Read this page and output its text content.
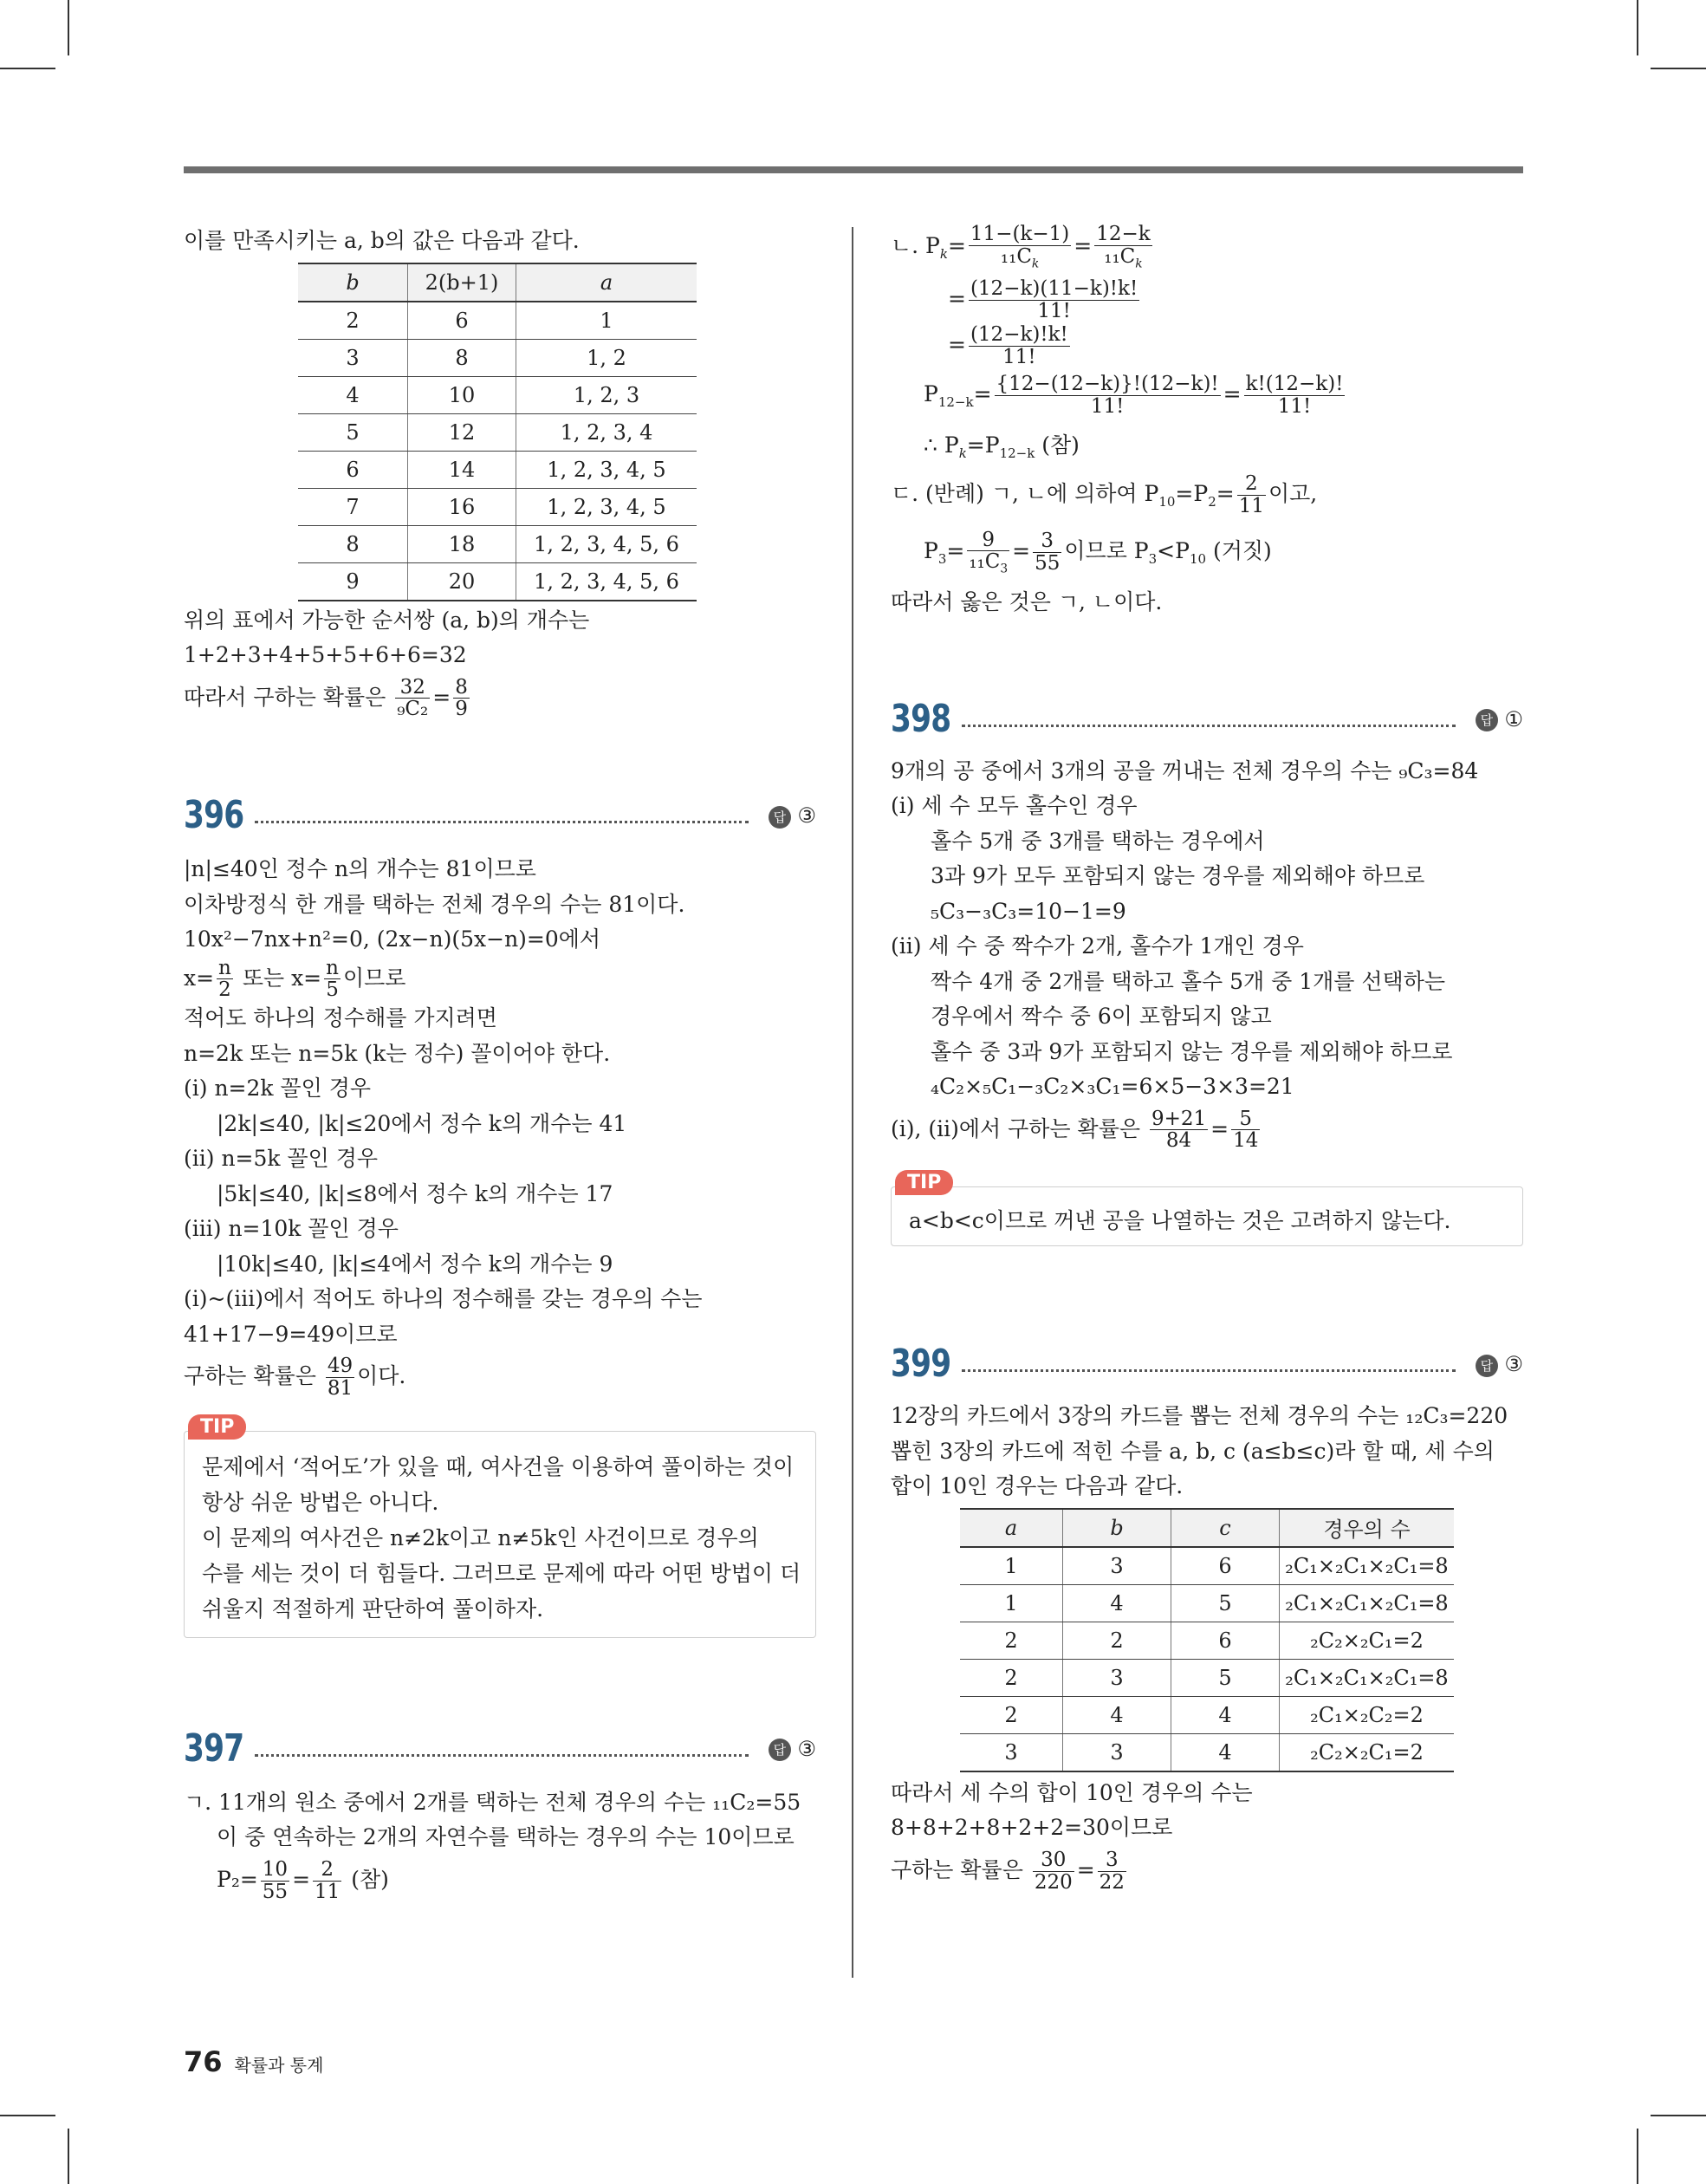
이를 만족시키는 a, b의 값은 다음과 같다.
b	2(b+1)	a
2	6	1
3	8	1, 2
4	10	1, 2, 3
5	12	1, 2, 3, 4
6	14	1, 2, 3, 4, 5
7	16	1, 2, 3, 4, 5
8	18	1, 2, 3, 4, 5, 6
9	20	1, 2, 3, 4, 5, 6
위의 표에서 가능한 순서쌍 (a, b)의 개수는
1+2+3+4+5+5+6+6=32
따라서 구하는 확률은 $\frac{32}{\text{₉C₂}} = \frac{8}{9}$
396	답 ③
|n|≤40인 정수 n의 개수는 81이므로
이차방정식 한 개를 택하는 전체 경우의 수는 81이다.
10x²−7nx+n²=0, (2x−n)(5x−n)=0에서
$x= \frac{n}{2}$ 또는 $x= \frac{n}{5}$ 이므로
적어도 하나의 정수해를 가지려면
n=2k 또는 n=5k (k는 정수) 꼴이어야 한다.
(i) n=2k 꼴인 경우
|2k|≤40, |k|≤20에서 정수 k의 개수는 41
(ii) n=5k 꼴인 경우
|5k|≤40, |k|≤8에서 정수 k의 개수는 17
(iii) n=10k 꼴인 경우
|10k|≤40, |k|≤4에서 정수 k의 개수는 9
(i)~(iii)에서 적어도 하나의 정수해를 갖는 경우의 수는
41+17−9=49이므로
구하는 확률은 $\frac{49}{81}$ 이다.
TIP
문제에서 ‘적어도’가 있을 때, 여사건을 이용하여 풀이하는 것이
항상 쉬운 방법은 아니다.
이 문제의 여사건은 n≠2k이고 n≠5k인 사건이므로 경우의
수를 세는 것이 더 힘들다. 그러므로 문제에 따라 어떤 방법이 더
쉬울지 적절하게 판단하여 풀이하자.
397	답 ③
ㄱ. 11개의 원소 중에서 2개를 택하는 전체 경우의 수는 ₁₁C₂=55
이 중 연속하는 2개의 자연수를 택하는 경우의 수는 10이므로
$P_2= \frac{10}{55} = \frac{2}{11}$ (참)
ㄴ. $P_k= \frac{11-(k-1)}{_{11}C_k} = \frac{12-k}{_{11}C_k}$
= $\frac{(12-k)(11-k)!k!}{11!}$
= $\frac{(12-k)!k!}{11!}$
$P_{12-k}= \frac{\{12-(12-k)\}!(12-k)!}{11!} = \frac{k!(12-k)!}{11!}$
∴ $P_k=P_{12-k}$ (참)
ㄷ. (반례) ㄱ, ㄴ에 의하여 $P_{10}=P_2= \frac{2}{11}$ 이고,
$P_3= \frac{9}{_{11}C_3} = \frac{3}{55}$ 이므로 $P_3<P_{10}$ (거짓)
따라서 옳은 것은 ㄱ, ㄴ이다.
398	답 ①
9개의 공 중에서 3개의 공을 꺼내는 전체 경우의 수는 ₉C₃=84
(i) 세 수 모두 홀수인 경우
홀수 5개 중 3개를 택하는 경우에서
3과 9가 모두 포함되지 않는 경우를 제외해야 하므로
₅C₃−₃C₃=10−1=9
(ii) 세 수 중 짝수가 2개, 홀수가 1개인 경우
짝수 4개 중 2개를 택하고 홀수 5개 중 1개를 선택하는
경우에서 짝수 중 6이 포함되지 않고
홀수 중 3과 9가 포함되지 않는 경우를 제외해야 하므로
₄C₂×₅C₁−₃C₂×₃C₁=6×5−3×3=21
(i), (ii)에서 구하는 확률은 $\frac{9+21}{84} = \frac{5}{14}$
TIP
a<b<c이므로 꺼낸 공을 나열하는 것은 고려하지 않는다.
399	답 ③
12장의 카드에서 3장의 카드를 뽑는 전체 경우의 수는 ₁₂C₃=220
뽑힌 3장의 카드에 적힌 수를 a, b, c (a≤b≤c)라 할 때, 세 수의
합이 10인 경우는 다음과 같다.
a	b	c	경우의 수
1	3	6	₂C₁×₂C₁×₂C₁=8
1	4	5	₂C₁×₂C₁×₂C₁=8
2	2	6	₂C₂×₂C₁=2
2	3	5	₂C₁×₂C₁×₂C₁=8
2	4	4	₂C₁×₂C₂=2
3	3	4	₂C₂×₂C₁=2
따라서 세 수의 합이 10인 경우의 수는
8+8+2+8+2+2=30이므로
구하는 확률은 $\frac{30}{220} = \frac{3}{22}$
76 확률과 통계
